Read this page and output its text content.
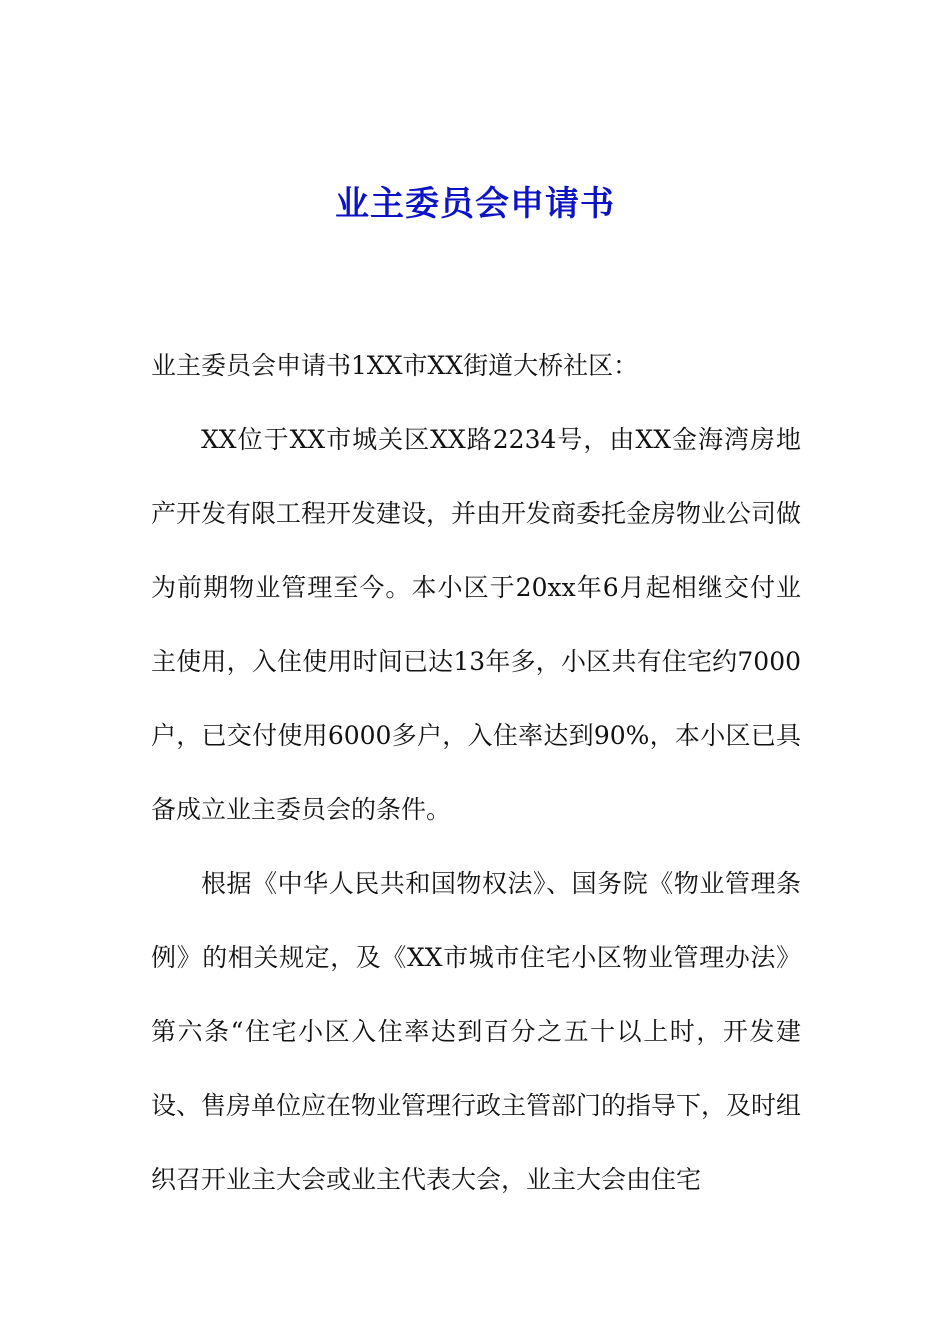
业主委员会申请书

业主委员会申请书1XX市XX街道大桥社区：

XX位于XX市城关区XX路2234号，由XX金海湾房地产开发有限工程开发建设，并由开发商委托金房物业公司做为前期物业管理至今。本小区于20xx年6月起相继交付业主使用，入住使用时间已达13年多，小区共有住宅约7000户，已交付使用6000多户，入住率达到90%，本小区已具备成立业主委员会的条件。

根据《中华人民共和国物权法》、国务院《物业管理条例》的相关规定，及《XX市城市住宅小区物业管理办法》第六条“住宅小区入住率达到百分之五十以上时，开发建设、售房单位应在物业管理行政主管部门的指导下，及时组织召开业主大会或业主代表大会，业主大会由住宅
